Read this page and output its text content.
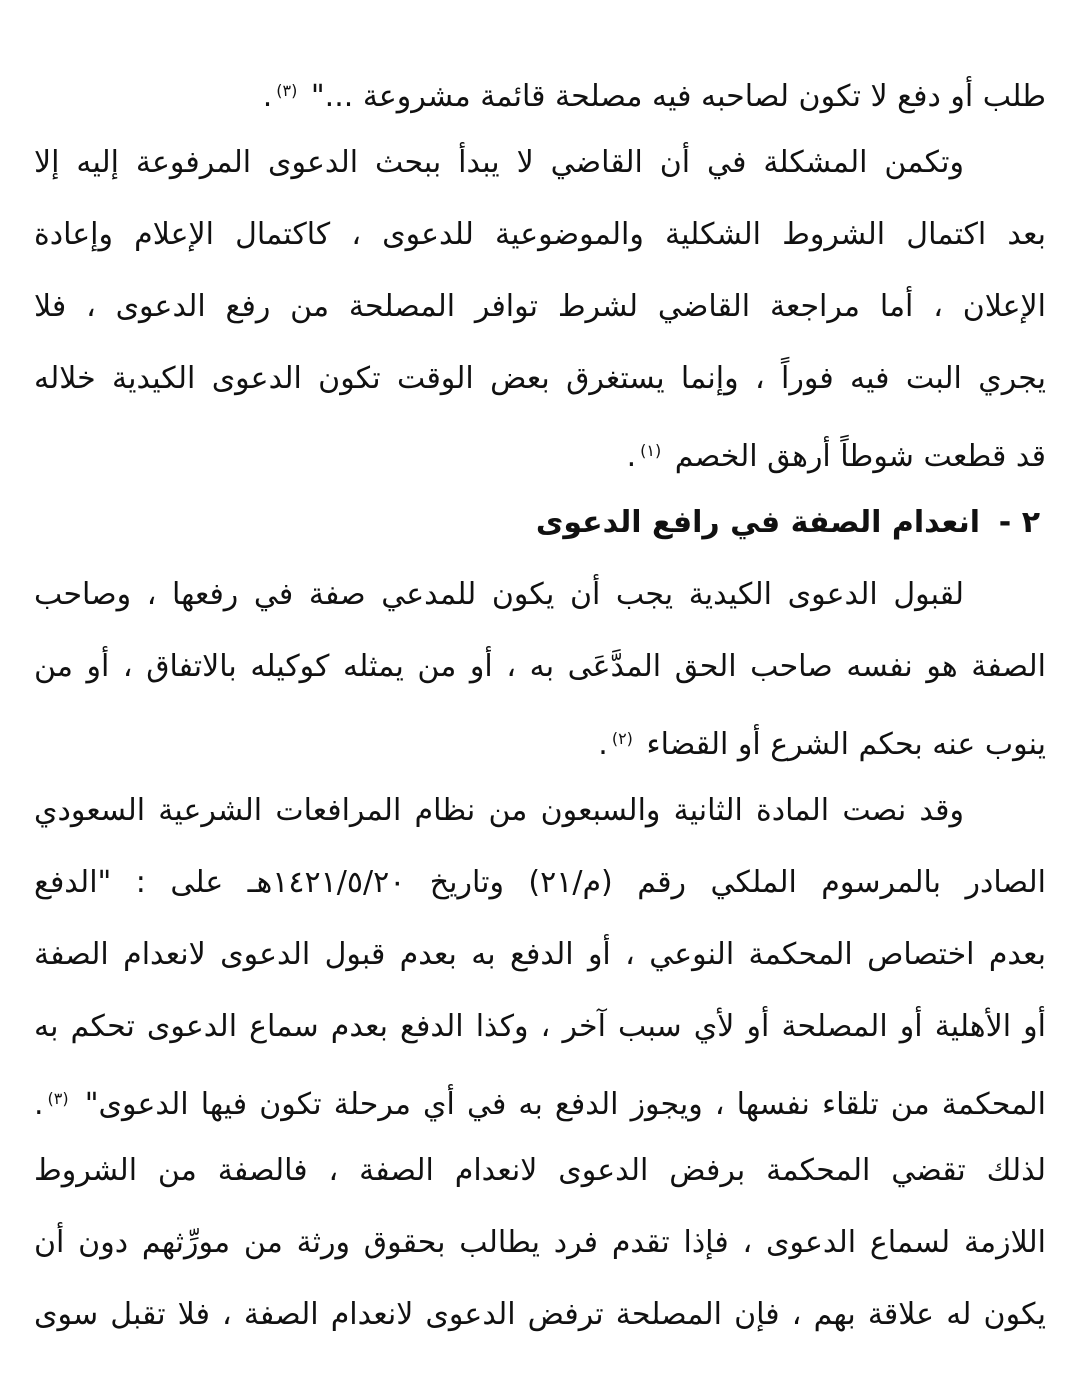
طلب أو دفع لا تكون لصاحبه فيه مصلحة قائمة مشروعة ..." $^{(٣)}$.
وتكمن المشكلة في أن القاضي لا يبدأ ببحث الدعوى المرفوعة إليه إلا
بعد اكتمال الشروط الشكلية والموضوعية للدعوى ، كاكتمال الإعلام وإعادة
الإعلان ، أما مراجعة القاضي لشرط توافر المصلحة من رفع الدعوى ، فلا
يجري البت فيه فوراً ، وإنما يستغرق بعض الوقت تكون الدعوى الكيدية خلاله
قد قطعت شوطاً أرهق الخصم $^{(١)}$.
٢ -انعدام الصفة في رافع الدعوى
لقبول الدعوى الكيدية يجب أن يكون للمدعي صفة في رفعها ، وصاحب
الصفة هو نفسه صاحب الحق المدَّعَى به ، أو من يمثله كوكيله بالاتفاق ، أو من
ينوب عنه بحكم الشرع أو القضاء $^{(٢)}$.
وقد نصت المادة الثانية والسبعون من نظام المرافعات الشرعية السعودي
الصادر بالمرسوم الملكي رقم (م/٢١) وتاريخ ١٤٢١/٥/٢٠هـ على : "الدفع
بعدم اختصاص المحكمة النوعي ، أو الدفع به بعدم قبول الدعوى لانعدام الصفة
أو الأهلية أو المصلحة أو لأي سبب آخر ، وكذا الدفع بعدم سماع الدعوى تحكم به
المحكمة من تلقاء نفسها ، ويجوز الدفع به في أي مرحلة تكون فيها الدعوى" $^{(٣)}$.
لذلك تقضي المحكمة برفض الدعوى لانعدام الصفة ، فالصفة من الشروط
اللازمة لسماع الدعوى ، فإذا تقدم فرد يطالب بحقوق ورثة من مورِّثهم دون أن
يكون له علاقة بهم ، فإن المصلحة ترفض الدعوى لانعدام الصفة ، فلا تقبل سوى
